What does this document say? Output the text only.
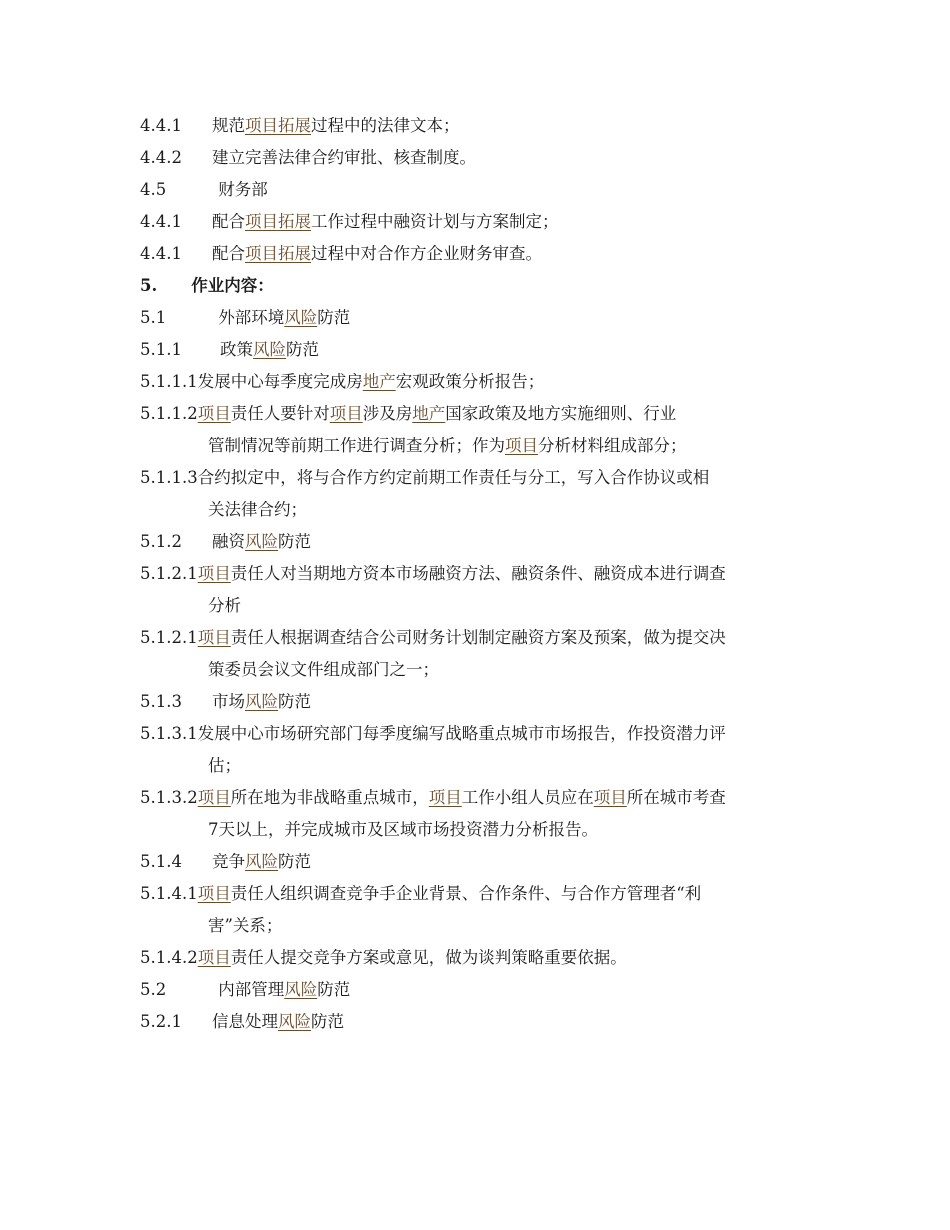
4.4.1 规范项目拓展过程中的法律文本；
4.4.2 建立完善法律合约审批、核查制度。
4.5	财务部
4.4.1 配合项目拓展工作过程中融资计划与方案制定；
4.4.1 配合项目拓展过程中对合作方企业财务审查。
5. 作业内容：
5.1	外部环境风险防范
5.1.1 政策风险防范
5.1.1.1发展中心每季度完成房地产宏观政策分析报告；
5.1.1.2项目责任人要针对项目涉及房地产国家政策及地方实施细则、行业
管制情况等前期工作进行调查分析；作为项目分析材料组成部分；
5.1.1.3合约拟定中，将与合作方约定前期工作责任与分工，写入合作协议或相
关法律合约；
5.1.2 融资风险防范
5.1.2.1项目责任人对当期地方资本市场融资方法、融资条件、融资成本进行调查
分析
5.1.2.1项目责任人根据调查结合公司财务计划制定融资方案及预案，做为提交决
策委员会议文件组成部门之一；
5.1.3 市场风险防范
5.1.3.1发展中心市场研究部门每季度编写战略重点城市市场报告，作投资潜力评
估；
5.1.3.2项目所在地为非战略重点城市，项目工作小组人员应在项目所在城市考查
7天以上，并完成城市及区域市场投资潜力分析报告。
5.1.4 竞争风险防范
5.1.4.1项目责任人组织调查竞争手企业背景、合作条件、与合作方管理者“利
害”关系；
5.1.4.2项目责任人提交竞争方案或意见，做为谈判策略重要依据。
5.2	内部管理风险防范
5.2.1 信息处理风险防范
